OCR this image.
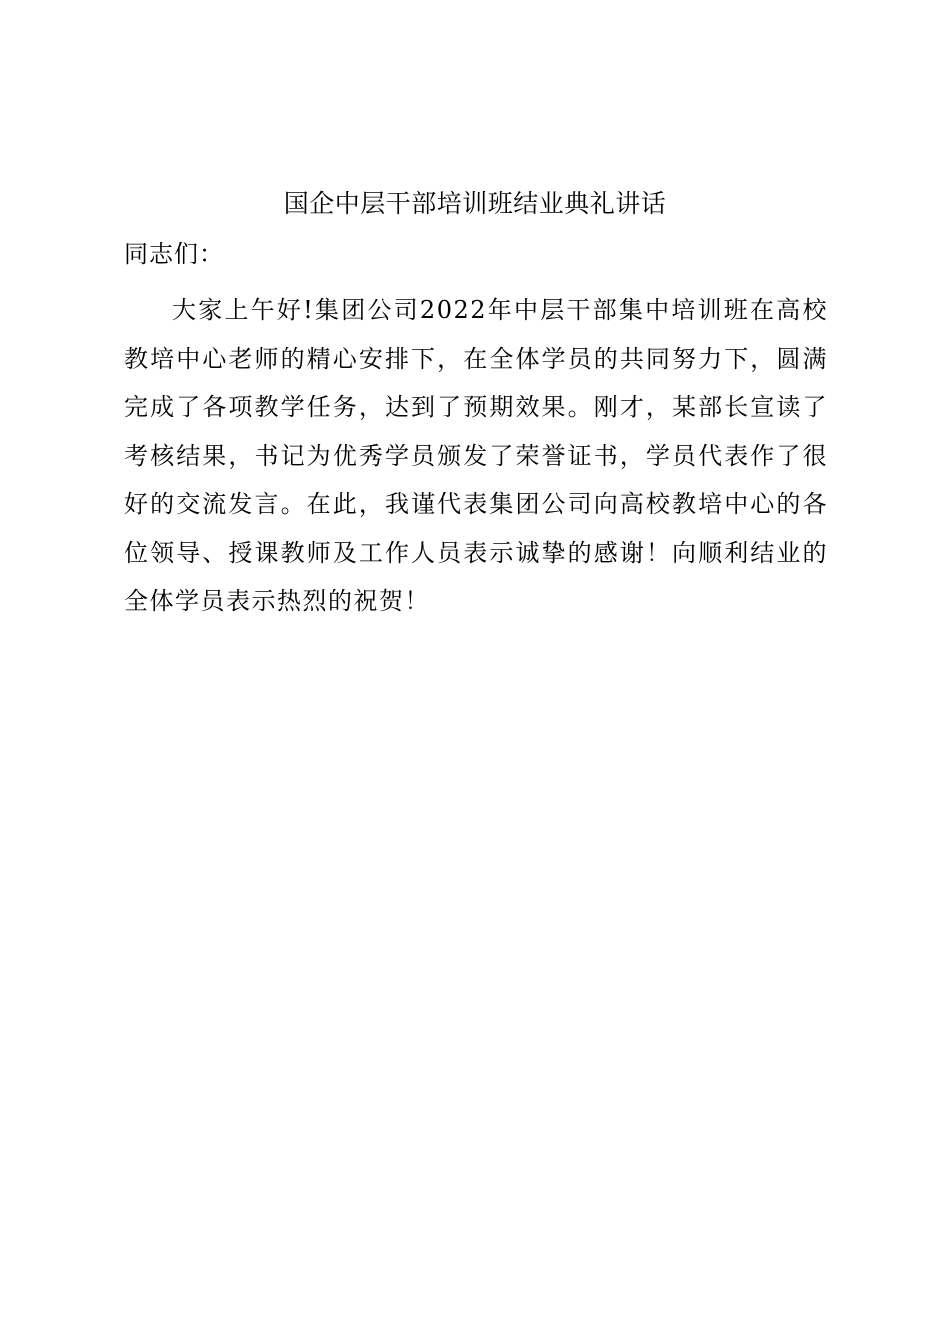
国企中层干部培训班结业典礼讲话

同志们：

大家上午好!集团公司2022年中层干部集中培训班在高校教培中心老师的精心安排下，在全体学员的共同努力下，圆满完成了各项教学任务，达到了预期效果。刚才，某部长宣读了考核结果，书记为优秀学员颁发了荣誉证书，学员代表作了很好的交流发言。在此，我谨代表集团公司向高校教培中心的各位领导、授课教师及工作人员表示诚挚的感谢！向顺利结业的全体学员表示热烈的祝贺！
